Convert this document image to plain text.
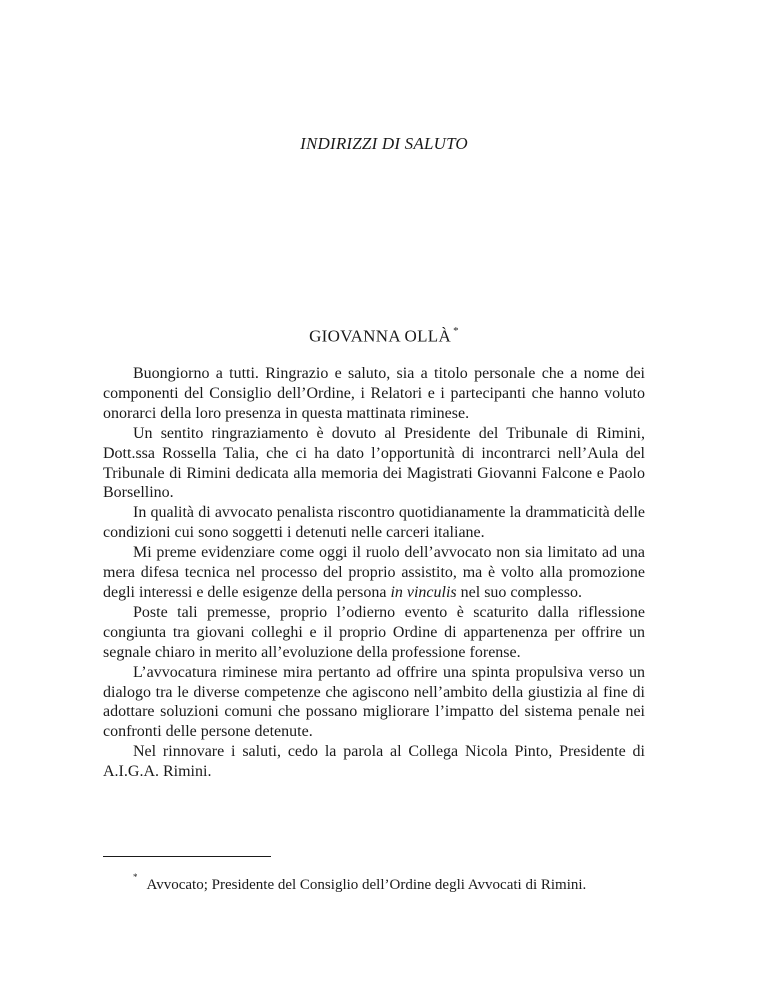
INDIRIZZI DI SALUTO
GIOVANNA OLLÀ *

Buongiorno a tutti. Ringrazio e saluto, sia a titolo personale che a nome dei componenti del Consiglio dell’Ordine, i Relatori e i partecipanti che hanno voluto onorarci della loro presenza in questa mattinata riminese.

Un sentito ringraziamento è dovuto al Presidente del Tribunale di Rimini, Dott.ssa Rossella Talia, che ci ha dato l’opportunità di incontrarci nell’Aula del Tribunale di Rimini dedicata alla memoria dei Magistrati Giovanni Falcone e Paolo Borsellino.

In qualità di avvocato penalista riscontro quotidianamente la drammaticità delle condizioni cui sono soggetti i detenuti nelle carceri italiane.

Mi preme evidenziare come oggi il ruolo dell’avvocato non sia limitato ad una mera difesa tecnica nel processo del proprio assistito, ma è volto alla promozione degli interessi e delle esigenze della persona in vinculis nel suo complesso.

Poste tali premesse, proprio l’odierno evento è scaturito dalla riflessione congiunta tra giovani colleghi e il proprio Ordine di appartenenza per offrire un segnale chiaro in merito all’evoluzione della professione forense.

L’avvocatura riminese mira pertanto ad offrire una spinta propulsiva verso un dialogo tra le diverse competenze che agiscono nell’ambito della giustizia al fine di adottare soluzioni comuni che possano migliorare l’impatto del sistema penale nei confronti delle persone detenute.

Nel rinnovare i saluti, cedo la parola al Collega Nicola Pinto, Presidente di A.I.G.A. Rimini.

* Avvocato; Presidente del Consiglio dell’Ordine degli Avvocati di Rimini.
